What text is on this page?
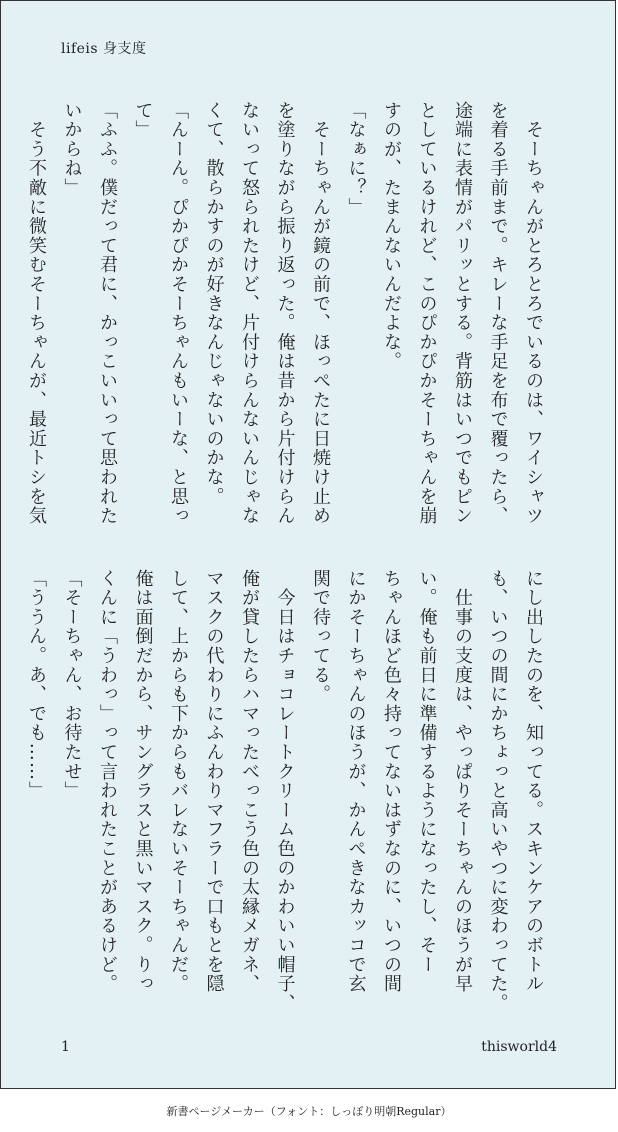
lifeis 身支度
　そーちゃんがとろとろでいるのは、ワイシャツ
を着る手前まで。キレーな手足を布で覆ったら、
途端に表情がパリッとする。背筋はいつでもピン
としているけれど、このぴかぴかそーちゃんを崩
すのが、たまんないんだよな。
「なぁに？」
　そーちゃんが鏡の前で、ほっぺたに日焼け止め
を塗りながら振り返った。俺は昔から片付けらん
ないって怒られたけど、片付けらんないんじゃな
くて、散らかすのが好きなんじゃないのかな。
「んーん。ぴかぴかそーちゃんもいーな、と思っ
て」
「ふふ。僕だって君に、かっこいいって思われた
いからね」
　そう不敵に微笑むそーちゃんが、最近トシを気
にし出したのを、知ってる。スキンケアのボトル
も、いつの間にかちょっと高いやつに変わってた。
　仕事の支度は、やっぱりそーちゃんのほうが早
い。俺も前日に準備するようになったし、そー
ちゃんほど色々持ってないはずなのに、いつの間
にかそーちゃんのほうが、かんぺきなカッコで玄
関で待ってる。
　今日はチョコレートクリーム色のかわいい帽子、
俺が貸したらハマったべっこう色の太縁メガネ、
マスクの代わりにふんわりマフラーで口もとを隠
して、上からも下からもバレないそーちゃんだ。
俺は面倒だから、サングラスと黒いマスク。りっ
くんに「うわっ」って言われたことがあるけど。
「そーちゃん、お待たせ」
「ううん。あ、でも……」
1	thisworld4
新書ページメーカー（フォント：しっぽり明朝Regular）
